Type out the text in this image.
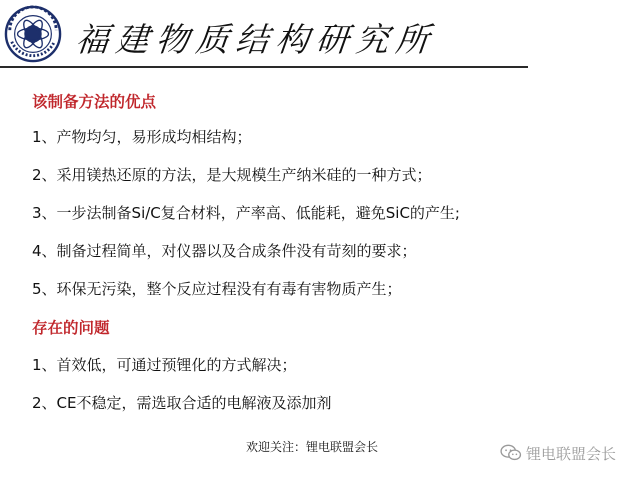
福建物质结构研究所
该制备方法的优点
1、产物均匀，易形成均相结构；
2、采用镁热还原的方法，是大规模生产纳米硅的一种方式；
3、一步法制备Si/C复合材料，产率高、低能耗，避免SiC的产生;
4、制备过程简单，对仪器以及合成条件没有苛刻的要求；
5、环保无污染，整个反应过程没有有毒有害物质产生；
存在的问题
1、首效低，可通过预锂化的方式解决；
2、CE不稳定，需选取合适的电解液及添加剂
欢迎关注：锂电联盟会长	锂电联盟会长
